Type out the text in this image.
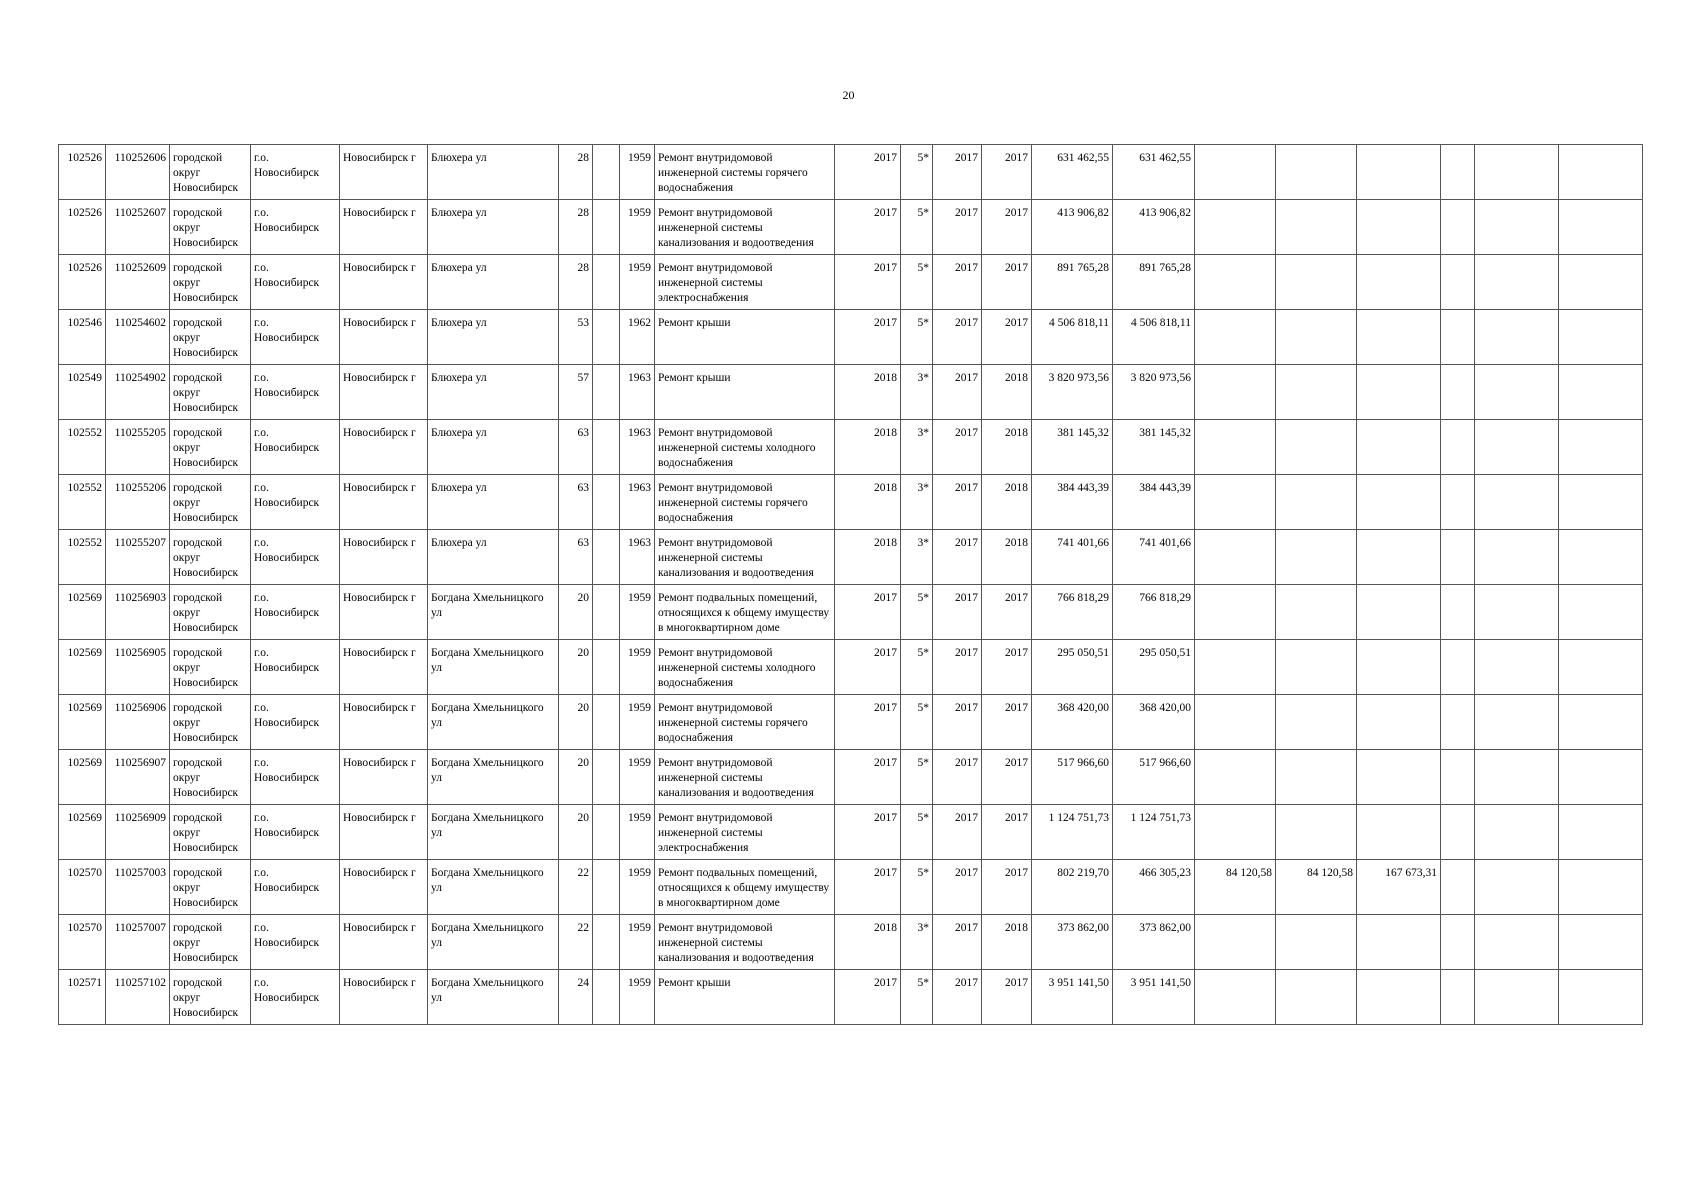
20
102526	110252606	городской округ Новосибирск	г.о. Новосибирск	Новосибирск г	Блюхера ул	28		1959	Ремонт внутридомовой инженерной системы горячего водоснабжения	2017	5*	2017	2017	631 462,55	631 462,55						
102526	110252607	городской округ Новосибирск	г.о. Новосибирск	Новосибирск г	Блюхера ул	28		1959	Ремонт внутридомовой инженерной системы канализования и водоотведения	2017	5*	2017	2017	413 906,82	413 906,82						
102526	110252609	городской округ Новосибирск	г.о. Новосибирск	Новосибирск г	Блюхера ул	28		1959	Ремонт внутридомовой инженерной системы электроснабжения	2017	5*	2017	2017	891 765,28	891 765,28						
102546	110254602	городской округ Новосибирск	г.о. Новосибирск	Новосибирск г	Блюхера ул	53		1962	Ремонт крыши	2017	5*	2017	2017	4 506 818,11	4 506 818,11						
102549	110254902	городской округ Новосибирск	г.о. Новосибирск	Новосибирск г	Блюхера ул	57		1963	Ремонт крыши	2018	3*	2017	2018	3 820 973,56	3 820 973,56						
102552	110255205	городской округ Новосибирск	г.о. Новосибирск	Новосибирск г	Блюхера ул	63		1963	Ремонт внутридомовой инженерной системы холодного водоснабжения	2018	3*	2017	2018	381 145,32	381 145,32						
102552	110255206	городской округ Новосибирск	г.о. Новосибирск	Новосибирск г	Блюхера ул	63		1963	Ремонт внутридомовой инженерной системы горячего водоснабжения	2018	3*	2017	2018	384 443,39	384 443,39						
102552	110255207	городской округ Новосибирск	г.о. Новосибирск	Новосибирск г	Блюхера ул	63		1963	Ремонт внутридомовой инженерной системы канализования и водоотведения	2018	3*	2017	2018	741 401,66	741 401,66						
102569	110256903	городской округ Новосибирск	г.о. Новосибирск	Новосибирск г	Богдана Хмельницкого ул	20		1959	Ремонт подвальных помещений, относящихся к общему имуществу в многоквартирном доме	2017	5*	2017	2017	766 818,29	766 818,29						
102569	110256905	городской округ Новосибирск	г.о. Новосибирск	Новосибирск г	Богдана Хмельницкого ул	20		1959	Ремонт внутридомовой инженерной системы холодного водоснабжения	2017	5*	2017	2017	295 050,51	295 050,51						
102569	110256906	городской округ Новосибирск	г.о. Новосибирск	Новосибирск г	Богдана Хмельницкого ул	20		1959	Ремонт внутридомовой инженерной системы горячего водоснабжения	2017	5*	2017	2017	368 420,00	368 420,00						
102569	110256907	городской округ Новосибирск	г.о. Новосибирск	Новосибирск г	Богдана Хмельницкого ул	20		1959	Ремонт внутридомовой инженерной системы канализования и водоотведения	2017	5*	2017	2017	517 966,60	517 966,60						
102569	110256909	городской округ Новосибирск	г.о. Новосибирск	Новосибирск г	Богдана Хмельницкого ул	20		1959	Ремонт внутридомовой инженерной системы электроснабжения	2017	5*	2017	2017	1 124 751,73	1 124 751,73						
102570	110257003	городской округ Новосибирск	г.о. Новосибирск	Новосибирск г	Богдана Хмельницкого ул	22		1959	Ремонт подвальных помещений, относящихся к общему имуществу в многоквартирном доме	2017	5*	2017	2017	802 219,70	466 305,23	84 120,58	84 120,58	167 673,31			
102570	110257007	городской округ Новосибирск	г.о. Новосибирск	Новосибирск г	Богдана Хмельницкого ул	22		1959	Ремонт внутридомовой инженерной системы канализования и водоотведения	2018	3*	2017	2018	373 862,00	373 862,00						
102571	110257102	городской округ Новосибирск	г.о. Новосибирск	Новосибирск г	Богдана Хмельницкого ул	24		1959	Ремонт крыши	2017	5*	2017	2017	3 951 141,50	3 951 141,50						
